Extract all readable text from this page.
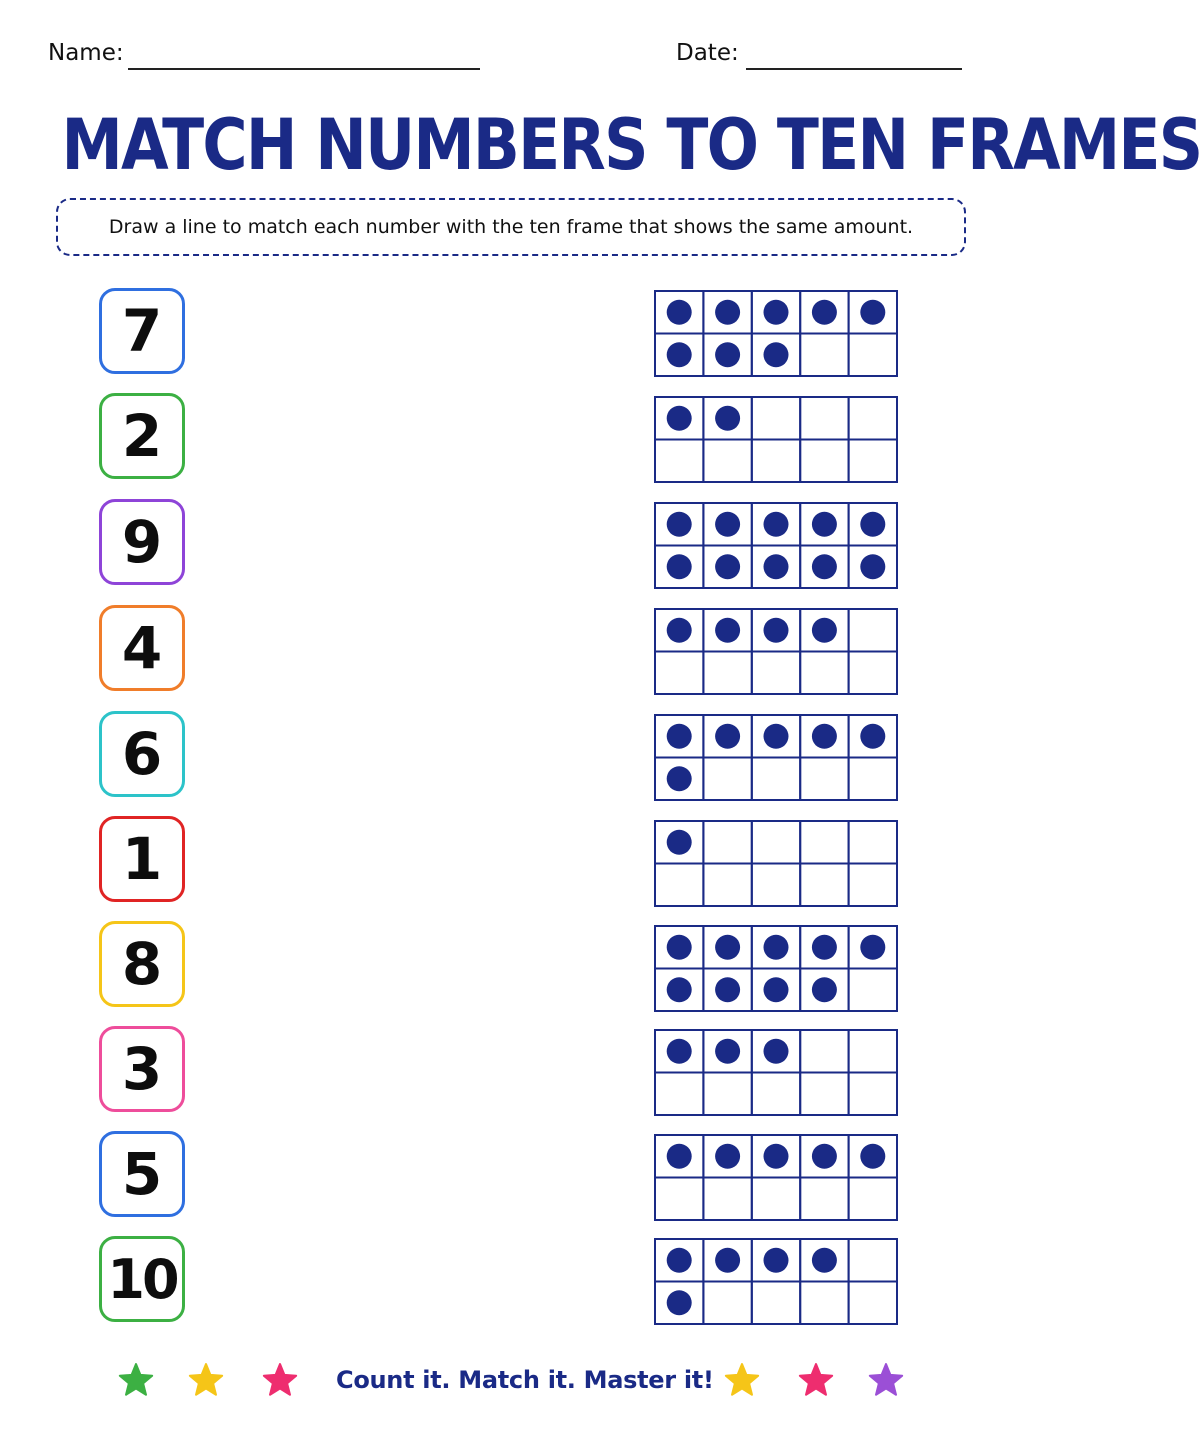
Name:	Date:
MATCH NUMBERS TO TEN FRAMES
Draw a line to match each number with the ten frame that shows the same amount.
7
2
9
4
6
1
8
3
5
10
Count it. Match it. Master it!
